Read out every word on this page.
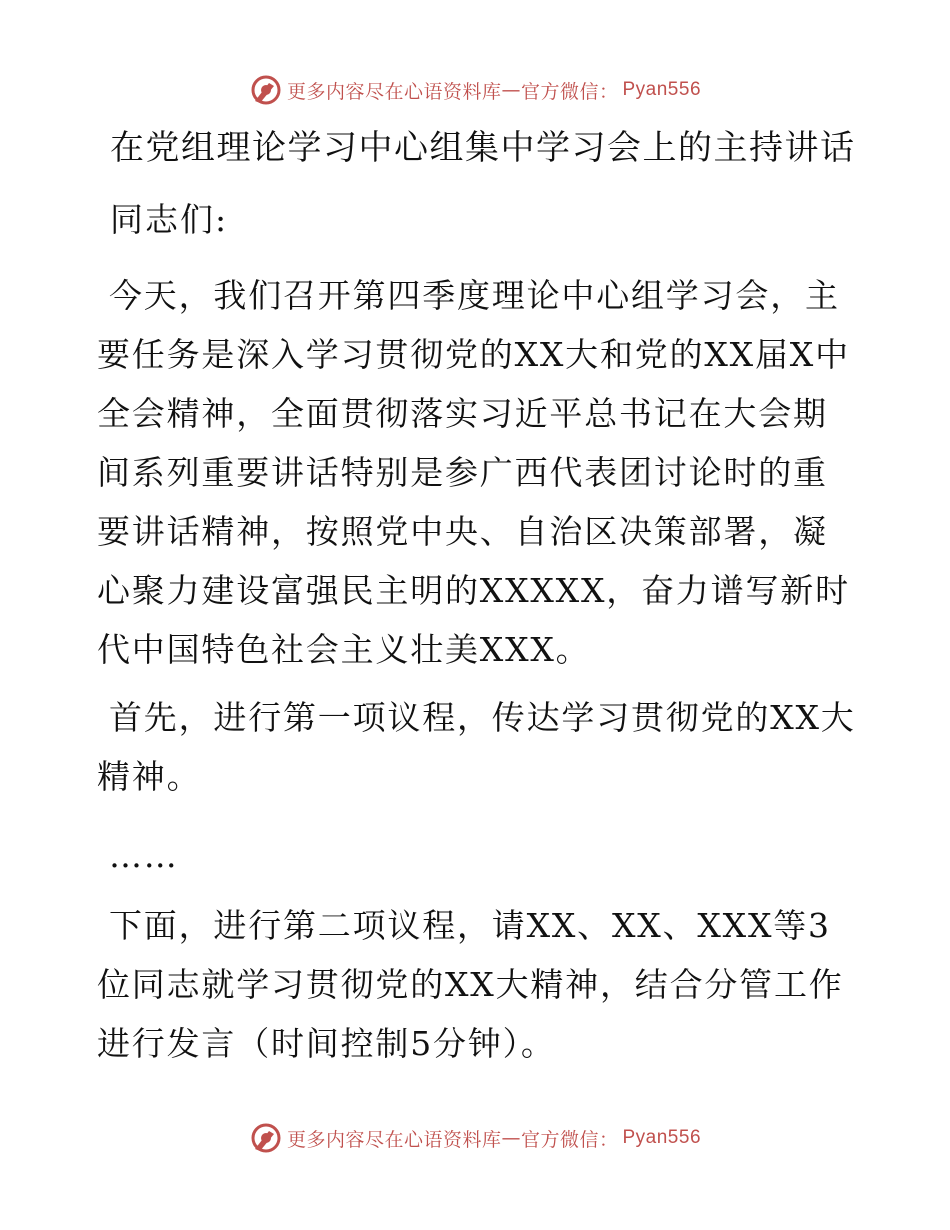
更多内容尽在心语资料库 — 官方微信： Pyan556
在党组理论学习中心组集中学习会上的主持讲话
同志们:
今天，我们召开第四季度理论中心组学习会，主要任务是深入学习贯彻党的XX大和党的XX届X中全会精神，全面贯彻落实习近平总书记在大会期间系列重要讲话特别是参广西代表团讨论时的重要讲话精神，按照党中央、自治区决策部署，凝心聚力建设富强民主明的XXXXX，奋力谱写新时代中国特色社会主义壮美XXX。
首先，进行第一项议程，传达学习贯彻党的XX大精神。
……
下面，进行第二项议程，请XX、XX、XXX等3位同志就学习贯彻党的XX大精神，结合分管工作进行发言（时间控制5分钟）。
更多内容尽在心语资料库 — 官方微信： Pyan556
